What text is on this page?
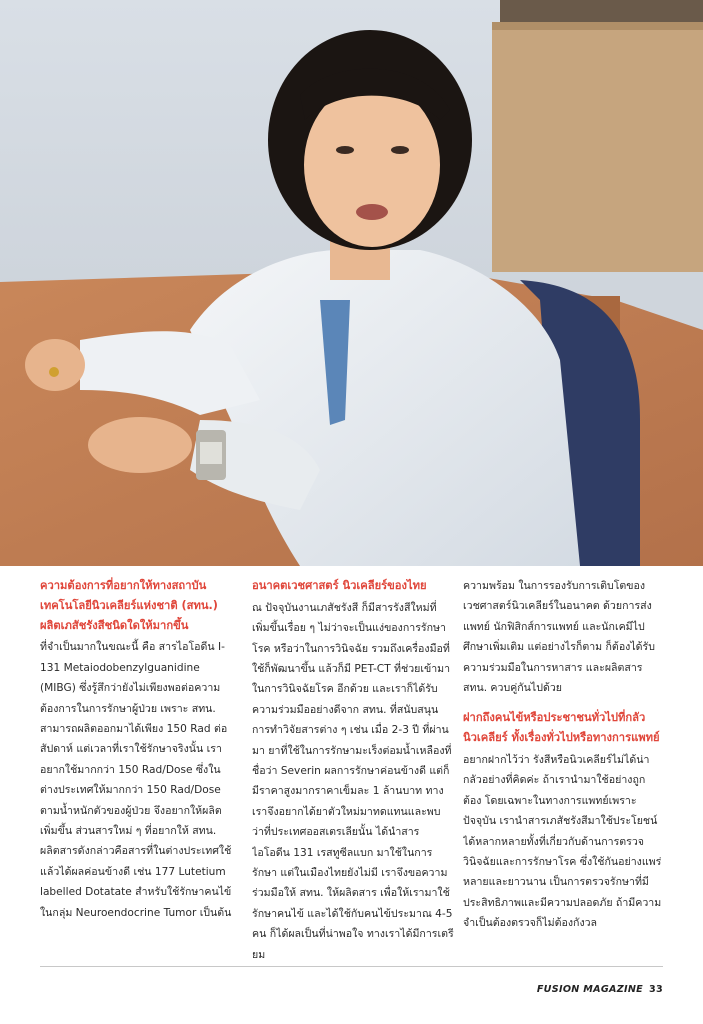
ความต้องการที่อยากให้ทางสถาบันเทคโนโลยีนิวเคลียร์แห่งชาติ (สทน.) ผลิตเภสัชรังสีชนิดใดให้มากขึ้น

ที่จำเป็นมากในขณะนี้ คือ สารไอโอดีน I-131 Metaiodobenzylguanidine (MIBG) ซึ่งรู้สึกว่ายังไม่เพียงพอต่อความต้องการในการรักษาผู้ป่วย เพราะ สทน. สามารถผลิตออกมาได้เพียง 150 Rad ต่อสัปดาห์ แต่เวลาที่เราใช้รักษาจริงนั้น เราอยากใช้มากกว่า 150 Rad/Dose ซึ่งในต่างประเทศให้มากกว่า 150 Rad/Dose ตามน้ำหนักตัวของผู้ป่วย จึงอยากให้ผลิตเพิ่มขึ้น ส่วนสารใหม่ ๆ ที่อยากให้ สทน. ผลิตสารดังกล่าวคือสารที่ในต่างประเทศใช้แล้วได้ผลค่อนข้างดี เช่น 177 Lutetium labelled Dotatate สำหรับใช้รักษาคนไข้ในกลุ่ม Neuroendocrine Tumor เป็นต้น

อนาคตเวชศาสตร์ นิวเคลียร์ของไทย

ณ ปัจจุบันงานเภสัชรังสี ก็มีสารรังสีใหม่ที่เพิ่มขึ้นเรื่อย ๆ ไม่ว่าจะเป็นแง่ของการรักษาโรค หรือว่าในการวินิจฉัย รวมถึงเครื่องมือที่ใช้ก็พัฒนาขึ้น แล้วก็มี PET-CT ที่ช่วยเข้ามาในการวินิจฉัยโรค อีกด้วย และเราก็ได้รับความร่วมมืออย่างดีจาก สทน. ที่สนับสนุนการทำวิจัยสารต่าง ๆ เช่น เมื่อ 2-3 ปี ที่ผ่านมา ยาที่ใช้ในการรักษามะเร็งต่อมน้ำเหลืองที่ชื่อว่า Severin ผลการรักษาค่อนข้างดี แต่ก็มีราคาสูงมากราคาเข็มละ 1 ล้านบาท ทางเราจึงอยากได้ยาตัวใหม่มาทดแทนและพบว่าที่ประเทศออสเตรเลียนั้น ได้นำสารไอโอดีน 131 เรสทูซีลแบก มาใช้ในการรักษา แต่ในเมืองไทยยังไม่มี เราจึงขอความร่วมมือให้ สทน. ให้ผลิตสาร เพื่อให้เรามาใช้รักษาคนไข้ และได้ใช้กับคนไข้ประมาณ 4-5 คน ก็ได้ผลเป็นที่น่าพอใจ ทางเราได้มีการเตรียม

ความพร้อม ในการรองรับการเติบโตของเวชศาสตร์นิวเคลียร์ในอนาคต ด้วยการส่งแพทย์ นักฟิสิกส์การแพทย์ และนักเคมีไปศึกษาเพิ่มเติม แต่อย่างไรก็ตาม ก็ต้องได้รับความร่วมมือในการหาสาร และผลิตสาร สทน. ควบคู่กันไปด้วย

ฝากถึงคนไข้หรือประชาชนทั่วไปที่กลัวนิวเคลียร์ ทั้งเรื่องทั่วไปหรือทางการแพทย์

อยากฝากไว้ว่า รังสีหรือนิวเคลียร์ไม่ได้น่ากลัวอย่างที่คิดค่ะ ถ้าเรานำมาใช้อย่างถูกต้อง โดยเฉพาะในทางการแพทย์เพราะปัจจุบัน เรานำสารเภสัชรังสีมาใช้ประโยชน์ได้หลากหลายทั้งที่เกี่ยวกับด้านการตรวจวินิจฉัยและการรักษาโรค ซึ่งใช้กันอย่างแพร่หลายและยาวนาน เป็นการตรวจรักษาที่มีประสิทธิภาพและมีความปลอดภัย ถ้ามีความจำเป็นต้องตรวจก็ไม่ต้องกังวล

FUSION MAGAZINE 33
